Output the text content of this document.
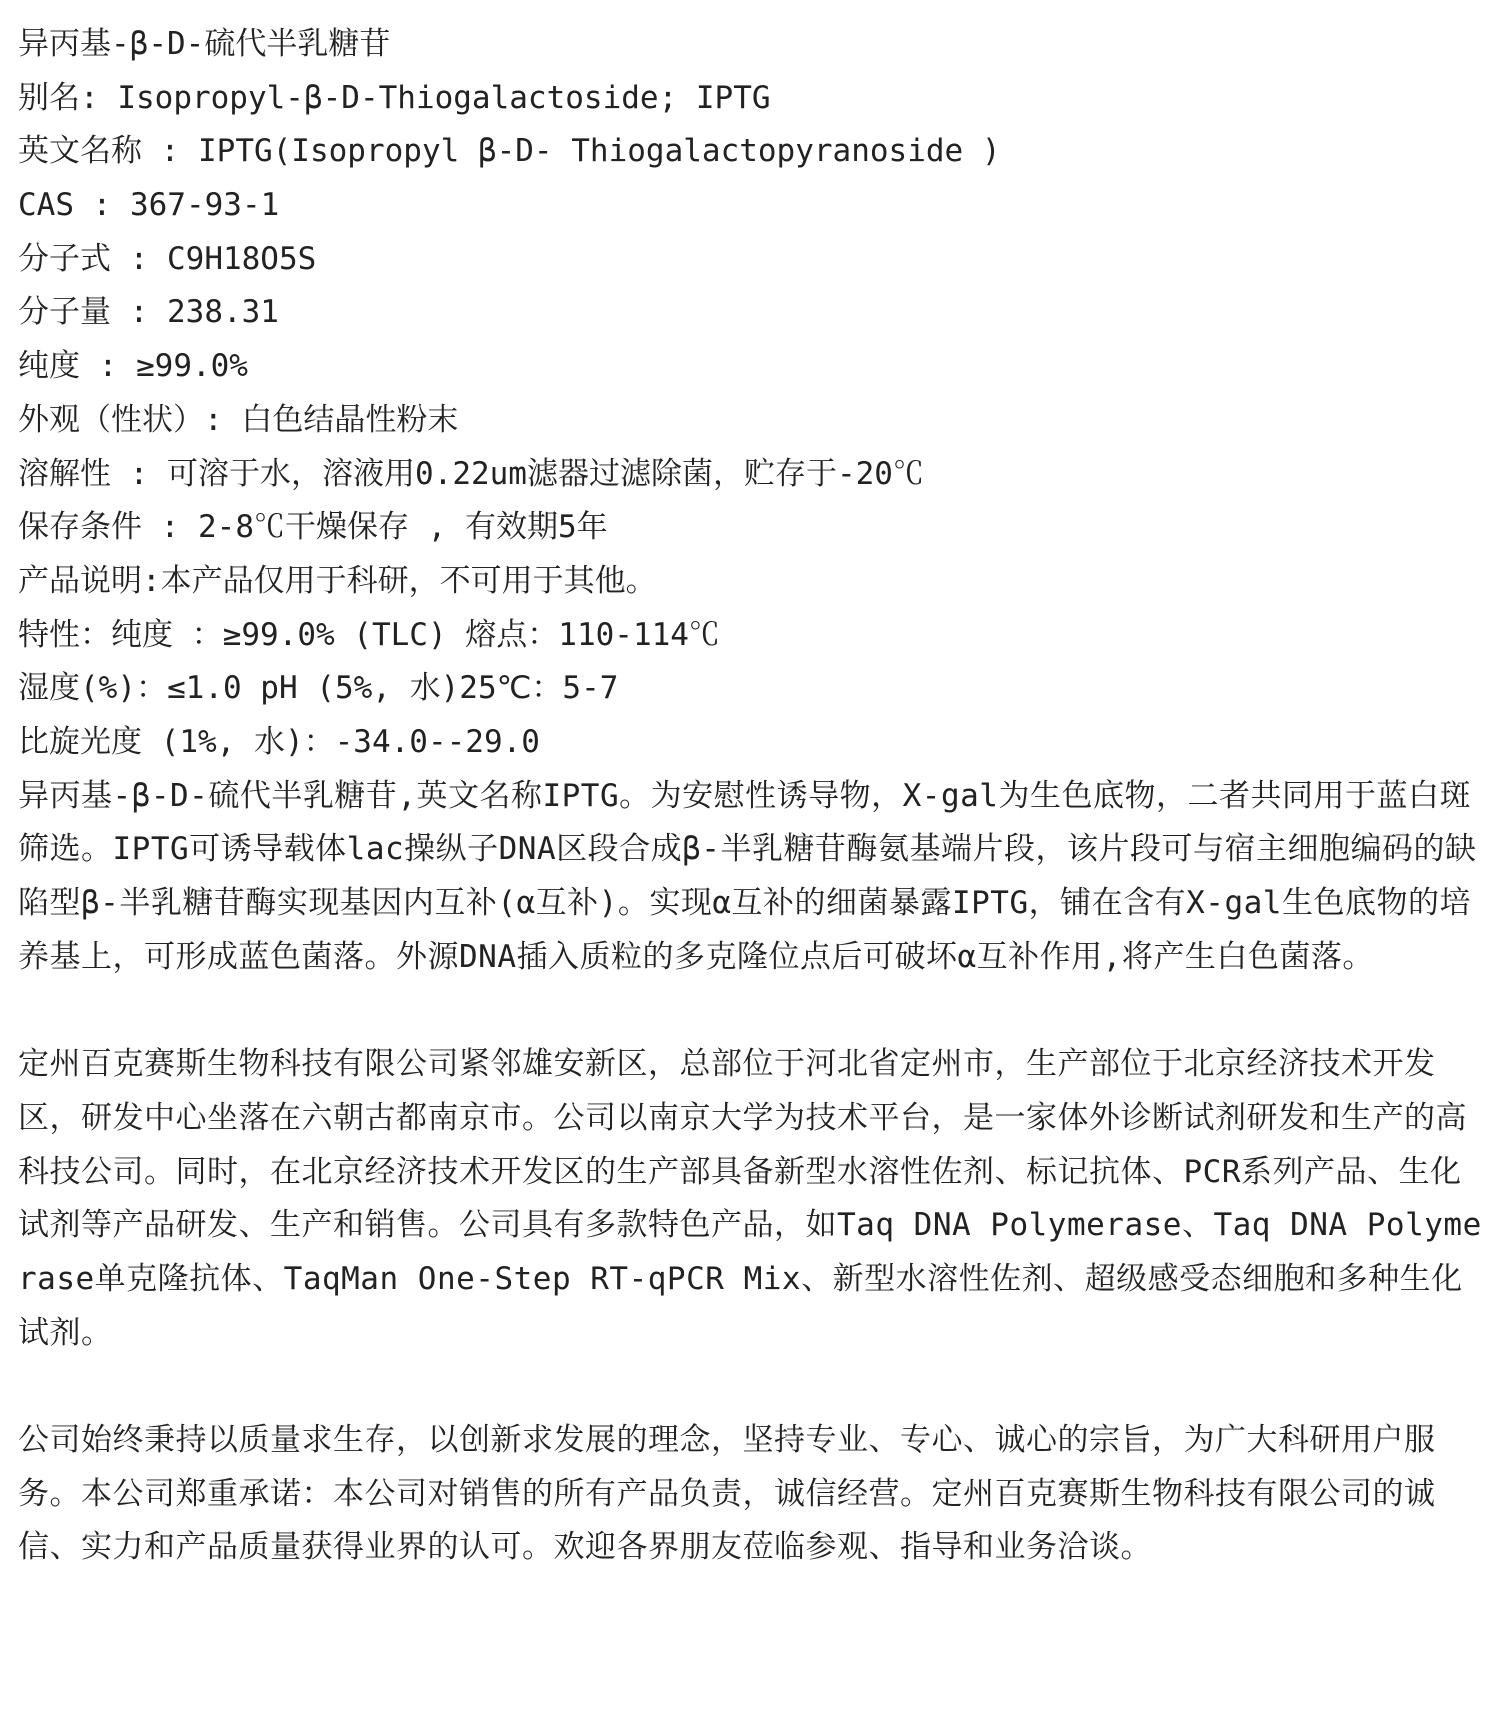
异丙基-β-D-硫代半乳糖苷
别名: Isopropyl-β-D-Thiogalactoside; IPTG
英文名称 : IPTG(Isopropyl β-D- Thiogalactopyranoside )
CAS : 367-93-1
分子式 : C9H18O5S
分子量 : 238.31
纯度 : ≥99.0%
外观（性状）: 白色结晶性粉末
溶解性 : 可溶于水，溶液用0.22um滤器过滤除菌，贮存于-20℃
保存条件 : 2-8℃干燥保存 , 有效期5年
产品说明:本产品仅用于科研，不可用于其他。
特性：纯度 ：≥99.0% (TLC) 熔点：110-114℃
湿度(%)：≤1.0 pH (5%, 水)25℃：5-7
比旋光度 (1%, 水)：-34.0--29.0
异丙基-β-D-硫代半乳糖苷,英文名称IPTG。为安慰性诱导物，X-gal为生色底物，二者共同用于蓝白斑筛选。IPTG可诱导载体lac操纵子DNA区段合成β-半乳糖苷酶氨基端片段，该片段可与宿主细胞编码的缺陷型β-半乳糖苷酶实现基因内互补(α互补)。实现α互补的细菌暴露IPTG，铺在含有X-gal生色底物的培养基上，可形成蓝色菌落。外源DNA插入质粒的多克隆位点后可破坏α互补作用,将产生白色菌落。
定州百克赛斯生物科技有限公司紧邻雄安新区，总部位于河北省定州市，生产部位于北京经济技术开发区，研发中心坐落在六朝古都南京市。公司以南京大学为技术平台，是一家体外诊断试剂研发和生产的高科技公司。同时，在北京经济技术开发区的生产部具备新型水溶性佐剂、标记抗体、PCR系列产品、生化试剂等产品研发、生产和销售。公司具有多款特色产品，如Taq DNA Polymerase、Taq DNA Polymerase单克隆抗体、TaqMan One-Step RT-qPCR Mix、新型水溶性佐剂、超级感受态细胞和多种生化试剂。
公司始终秉持以质量求生存，以创新求发展的理念，坚持专业、专心、诚心的宗旨，为广大科研用户服务。本公司郑重承诺：本公司对销售的所有产品负责，诚信经营。定州百克赛斯生物科技有限公司的诚信、实力和产品质量获得业界的认可。欢迎各界朋友莅临参观、指导和业务洽谈。
